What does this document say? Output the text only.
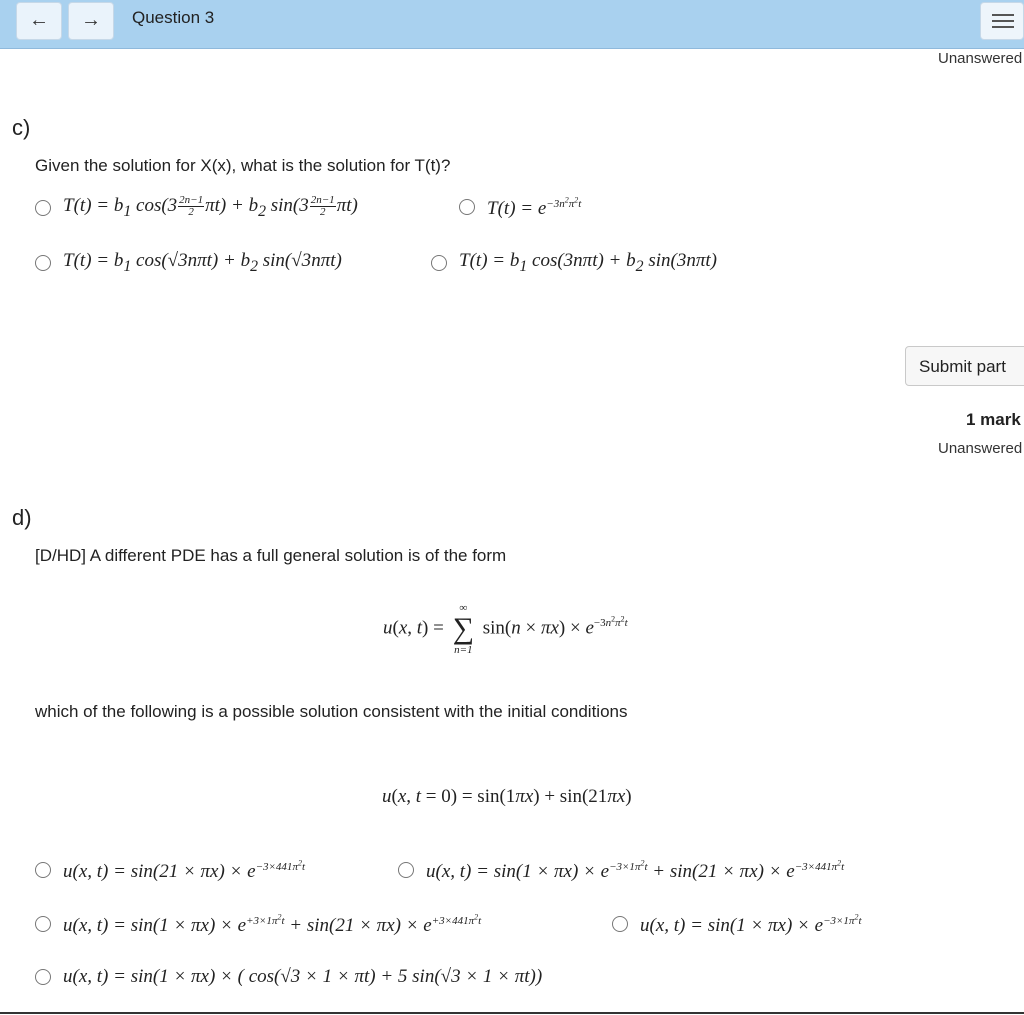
←	→	Question 3
Unanswered
c)
Given the solution for X(x), what is the solution for T(t)?
$T(t) = b_1$ $\cos(3 \frac{2n-1}{2} \pi t) + b_2$ $\sin(3 \frac{2n-1}{2} \pi t)$	$T(t) = e^{-3n^2\pi^2t}$
$T(t) = b_1$ $\cos(√3n\pi t) + b_2$ sin(√3nπt)	$T(t) = b_1$ $\cos(3n\pi t) + b_2$ sin(3nπt)
Submit part
1 mark
Unanswered
d)
[D/HD] A different PDE has a full general solution is of the form
u(x, t) =
∞
∑
n=1
$\sin(n \times \pi x) \times e^{-3n^2\pi^2t}$
which of the following is a possible solution consistent with the initial conditions
u(x, t = 0) = sin(1πx) + sin(21πx)
u(x, $t) = \sin(21 \times \pi x) \times e^{-3\times 441\pi^2t}$	u(x, $t) = \sin(1 \times \pi x) \times e^{-3\times 1\pi^2t} + \sin(21 \times \pi x) \times e^{-3\times 441\pi^2t}$
u(x, $t) = \sin(1 \times \pi x) \times e^{+3\times 1\pi^2t} + \sin(21 \times \pi x) \times e^{+3\times 441\pi^2t}$	u(x, $t) = \sin(1 \times \pi x) \times e^{-3\times 1\pi^2t}$
u(x, t) = sin(1 × πx) × ( cos(√3 × 1 × πt) + 5 sin(√3 × 1 × πt))
